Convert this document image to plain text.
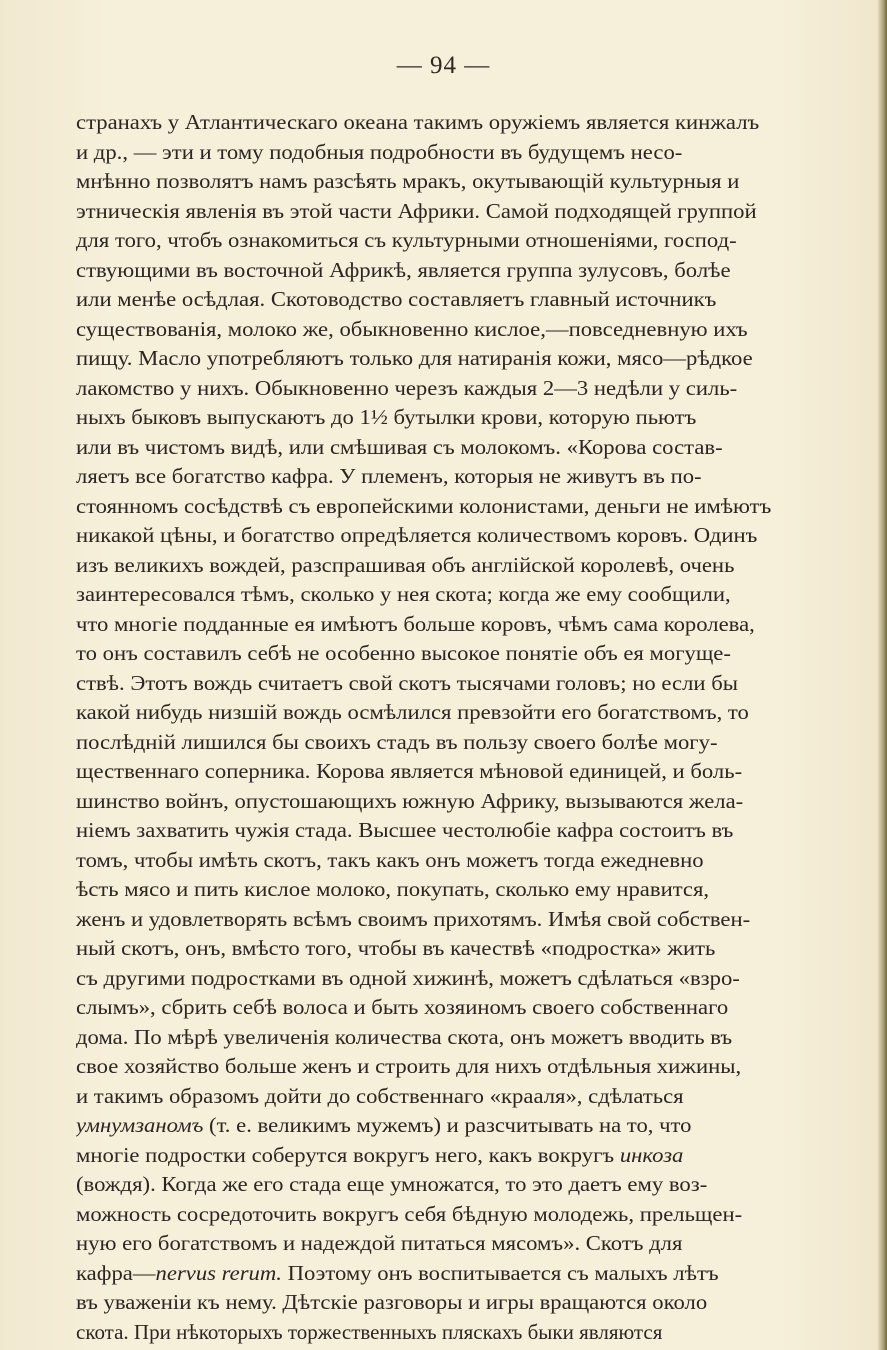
— 94 —
странахъ у Атлантическаго океана такимъ оружіемъ является кинжалъ
и др., — эти и тому подобныя подробности въ будущемъ несо-
мнѣнно позволятъ намъ разсѣять мракъ, окутывающій культурныя и
этническія явленія въ этой части Африки. Самой подходящей группой
для того, чтобъ ознакомиться съ культурными отношеніями, господ-
ствующими въ восточной Африкѣ, является группа зулусовъ, болѣе
или менѣе осѣдлая. Скотоводство составляетъ главный источникъ
существованія, молоко же, обыкновенно кислое,—повседневную ихъ
пищу. Масло употребляютъ только для натиранія кожи, мясо—рѣдкое
лакомство у нихъ. Обыкновенно черезъ каждыя 2—3 недѣли у силь-
ныхъ быковъ выпускаютъ до 1½ бутылки крови, которую пьютъ
или въ чистомъ видѣ, или смѣшивая съ молокомъ. «Корова состав-
ляетъ все богатство кафра. У племенъ, которыя не живутъ въ по-
стоянномъ сосѣдствѣ съ европейскими колонистами, деньги не имѣютъ
никакой цѣны, и богатство опредѣляется количествомъ коровъ. Одинъ
изъ великихъ вождей, разспрашивая объ англійской королевѣ, очень
заинтересовался тѣмъ, сколько у нея скота; когда же ему сообщили,
что многіе подданные ея имѣютъ больше коровъ, чѣмъ сама королева,
то онъ составилъ себѣ не особенно высокое понятіе объ ея могуще-
ствѣ. Этотъ вождь считаетъ свой скотъ тысячами головъ; но если бы
какой нибудь низшій вождь осмѣлился превзойти его богатствомъ, то
послѣдній лишился бы своихъ стадъ въ пользу своего болѣе могу-
щественнаго соперника. Корова является мѣновой единицей, и боль-
шинство войнъ, опустошающихъ южную Африку, вызываются жела-
ніемъ захватить чужія стада. Высшее честолюбіе кафра состоитъ въ
томъ, чтобы имѣть скотъ, такъ какъ онъ можетъ тогда ежедневно
ѣсть мясо и пить кислое молоко, покупать, сколько ему нравится,
женъ и удовлетворять всѣмъ своимъ прихотямъ. Имѣя свой собствен-
ный скотъ, онъ, вмѣсто того, чтобы въ качествѣ «подростка» жить
съ другими подростками въ одной хижинѣ, можетъ сдѣлаться «взро-
слымъ», сбрить себѣ волоса и быть хозяиномъ своего собственнаго
дома. По мѣрѣ увеличенія количества скота, онъ можетъ вводить въ
свое хозяйство больше женъ и строить для нихъ отдѣльныя хижины,
и такимъ образомъ дойти до собственнаго «крааля», сдѣлаться
умнумзаномъ (т. е. великимъ мужемъ) и разсчитывать на то, что
многіе подростки соберутся вокругъ него, какъ вокругъ инкоза
(вождя). Когда же его стада еще умножатся, то это даетъ ему воз-
можность сосредоточить вокругъ себя бѣдную молодежь, прельщен-
ную его богатствомъ и надеждой питаться мясомъ». Скотъ для
кафра—nervus rerum. Поэтому онъ воспитывается съ малыхъ лѣтъ
въ уваженіи къ нему. Дѣтскіе разговоры и игры вращаются около
скота. При нѣкоторыхъ торжественныхъ пляскахъ быки являются
